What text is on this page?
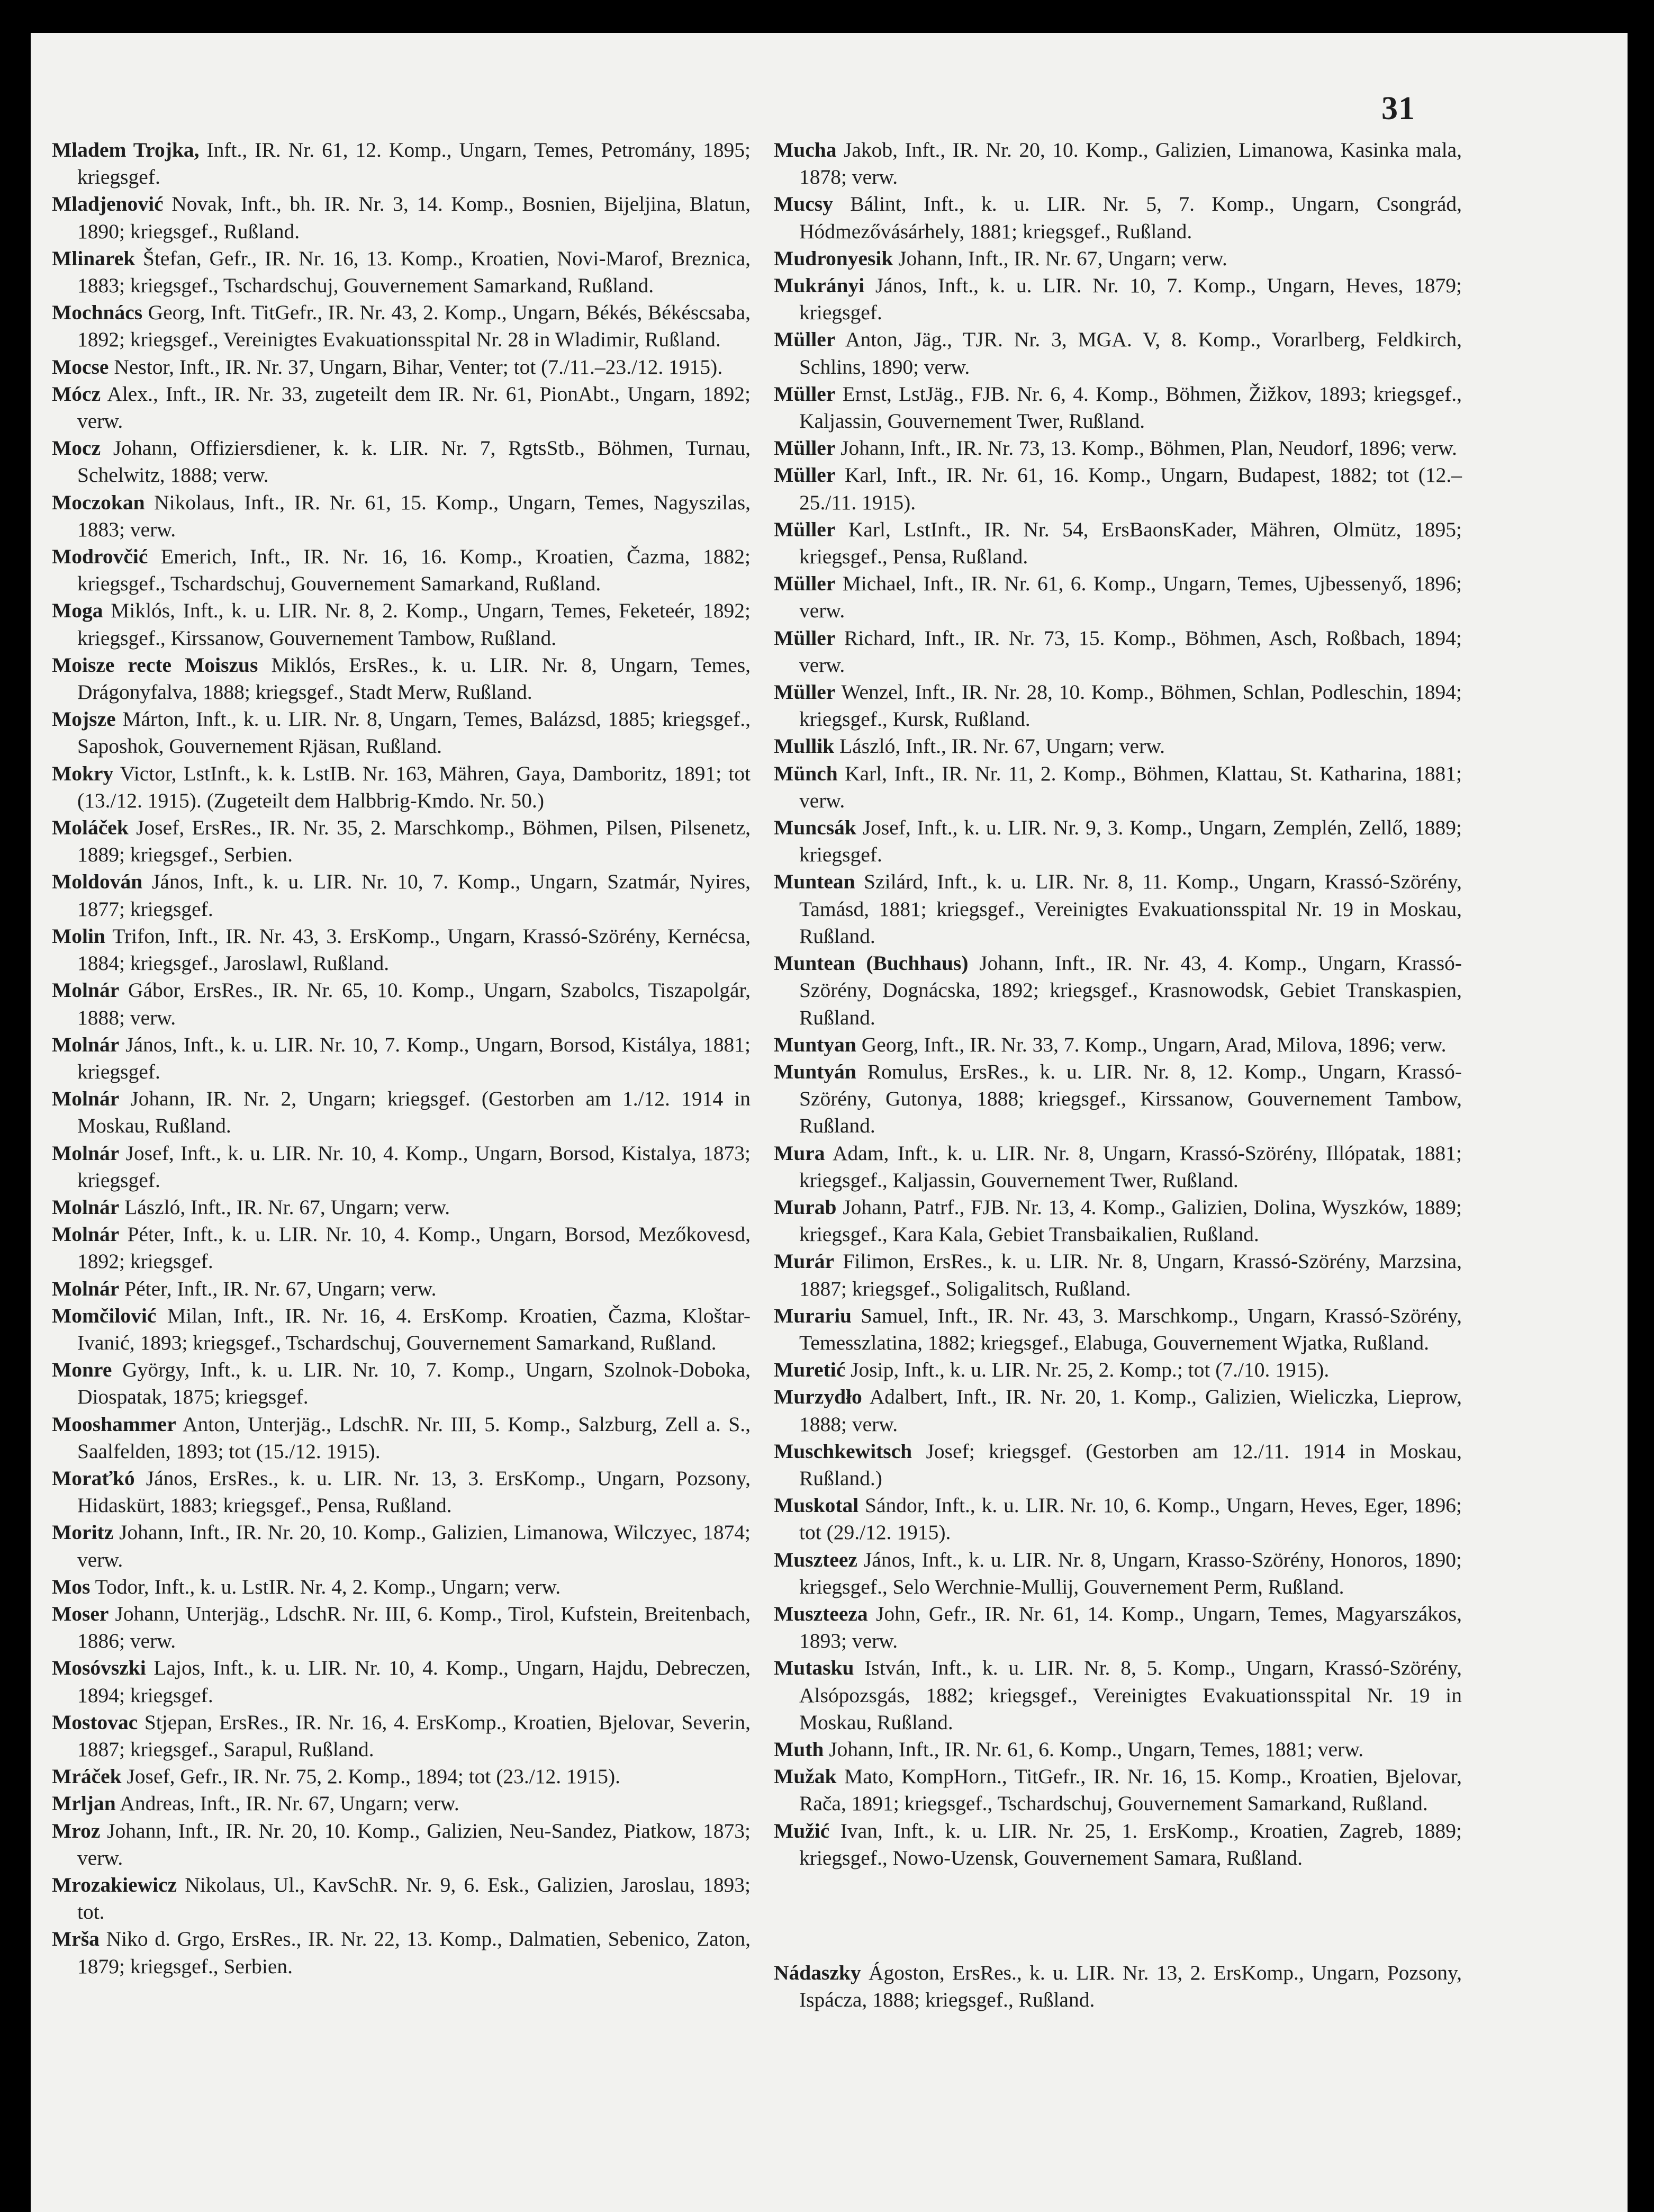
31

Mladem Trojka, Inft., IR. Nr. 61, 12. Komp., Ungarn, Temes, Petromány, 1895; kriegsgef.

Mladjenović Novak, Inft., bh. IR. Nr. 3, 14. Komp., Bosnien, Bijeljina, Blatun, 1890; kriegsgef., Rußland.

Mlinarek Štefan, Gefr., IR. Nr. 16, 13. Komp., Kroatien, Novi-Marof, Breznica, 1883; kriegsgef., Tschardschuj, Gouvernement Samarkand, Rußland.

Mochnács Georg, Inft. TitGefr., IR. Nr. 43, 2. Komp., Ungarn, Békés, Békéscsaba, 1892; kriegsgef., Vereinigtes Evakuationsspital Nr. 28 in Wladimir, Rußland.

Mocse Nestor, Inft., IR. Nr. 37, Ungarn, Bihar, Venter; tot (7./11.–23./12. 1915).

Mócz Alex., Inft., IR. Nr. 33, zugeteilt dem IR. Nr. 61, PionAbt., Ungarn, 1892; verw.

Mocz Johann, Offiziersdiener, k. k. LIR. Nr. 7, RgtsStb., Böhmen, Turnau, Schelwitz, 1888; verw.

Moczokan Nikolaus, Inft., IR. Nr. 61, 15. Komp., Ungarn, Temes, Nagyszilas, 1883; verw.

Modrovčić Emerich, Inft., IR. Nr. 16, 16. Komp., Kroatien, Čazma, 1882; kriegsgef., Tschardschuj, Gouvernement Samarkand, Rußland.

Moga Miklós, Inft., k. u. LIR. Nr. 8, 2. Komp., Ungarn, Temes, Feketeér, 1892; kriegsgef., Kirssanow, Gouvernement Tambow, Rußland.

Moisze recte Moiszus Miklós, ErsRes., k. u. LIR. Nr. 8, Ungarn, Temes, Drágonyfalva, 1888; kriegsgef., Stadt Merw, Rußland.

Mojsze Márton, Inft., k. u. LIR. Nr. 8, Ungarn, Temes, Balázsd, 1885; kriegsgef., Saposhok, Gouvernement Rjäsan, Rußland.

Mokry Victor, LstInft., k. k. LstIB. Nr. 163, Mähren, Gaya, Damboritz, 1891; tot (13./12. 1915). (Zugeteilt dem Halbbrig-Kmdo. Nr. 50.)

Moláček Josef, ErsRes., IR. Nr. 35, 2. Marschkomp., Böhmen, Pilsen, Pilsenetz, 1889; kriegsgef., Serbien.

Moldován János, Inft., k. u. LIR. Nr. 10, 7. Komp., Ungarn, Szatmár, Nyires, 1877; kriegsgef.

Molin Trifon, Inft., IR. Nr. 43, 3. ErsKomp., Ungarn, Krassó-Szörény, Kernécsa, 1884; kriegsgef., Jaroslawl, Rußland.

Molnár Gábor, ErsRes., IR. Nr. 65, 10. Komp., Ungarn, Szabolcs, Tiszapolgár, 1888; verw.

Molnár János, Inft., k. u. LIR. Nr. 10, 7. Komp., Ungarn, Borsod, Kistálya, 1881; kriegsgef.

Molnár Johann, IR. Nr. 2, Ungarn; kriegsgef. (Gestorben am 1./12. 1914 in Moskau, Rußland.

Molnár Josef, Inft., k. u. LIR. Nr. 10, 4. Komp., Ungarn, Borsod, Kistalya, 1873; kriegsgef.

Molnár László, Inft., IR. Nr. 67, Ungarn; verw.

Molnár Péter, Inft., k. u. LIR. Nr. 10, 4. Komp., Ungarn, Borsod, Mezőkovesd, 1892; kriegsgef.

Molnár Péter, Inft., IR. Nr. 67, Ungarn; verw.

Momčilović Milan, Inft., IR. Nr. 16, 4. ErsKomp. Kroatien, Čazma, Kloštar-Ivanić, 1893; kriegsgef., Tschardschuj, Gouvernement Samarkand, Rußland.

Monre György, Inft., k. u. LIR. Nr. 10, 7. Komp., Ungarn, Szolnok-Doboka, Diospatak, 1875; kriegsgef.

Mooshammer Anton, Unterjäg., LdschR. Nr. III, 5. Komp., Salzburg, Zell a. S., Saalfelden, 1893; tot (15./12. 1915).

Moraťkó János, ErsRes., k. u. LIR. Nr. 13, 3. ErsKomp., Ungarn, Pozsony, Hidaskürt, 1883; kriegsgef., Pensa, Rußland.

Moritz Johann, Inft., IR. Nr. 20, 10. Komp., Galizien, Limanowa, Wilczyec, 1874; verw.

Mos Todor, Inft., k. u. LstIR. Nr. 4, 2. Komp., Ungarn; verw.

Moser Johann, Unterjäg., LdschR. Nr. III, 6. Komp., Tirol, Kufstein, Breitenbach, 1886; verw.

Mosóvszki Lajos, Inft., k. u. LIR. Nr. 10, 4. Komp., Ungarn, Hajdu, Debreczen, 1894; kriegsgef.

Mostovac Stjepan, ErsRes., IR. Nr. 16, 4. ErsKomp., Kroatien, Bjelovar, Severin, 1887; kriegsgef., Sarapul, Rußland.

Mráček Josef, Gefr., IR. Nr. 75, 2. Komp., 1894; tot (23./12. 1915).

Mrljan Andreas, Inft., IR. Nr. 67, Ungarn; verw.

Mroz Johann, Inft., IR. Nr. 20, 10. Komp., Galizien, Neu-Sandez, Piatkow, 1873; verw.

Mrozakiewicz Nikolaus, Ul., KavSchR. Nr. 9, 6. Esk., Galizien, Jaroslau, 1893; tot.

Mrša Niko d. Grgo, ErsRes., IR. Nr. 22, 13. Komp., Dalmatien, Sebenico, Zaton, 1879; kriegsgef., Serbien.

Mucha Jakob, Inft., IR. Nr. 20, 10. Komp., Galizien, Limanowa, Kasinka mala, 1878; verw.

Mucsy Bálint, Inft., k. u. LIR. Nr. 5, 7. Komp., Ungarn, Csongrád, Hódmezővásárhely, 1881; kriegsgef., Rußland.

Mudronyesik Johann, Inft., IR. Nr. 67, Ungarn; verw.

Mukrányi János, Inft., k. u. LIR. Nr. 10, 7. Komp., Ungarn, Heves, 1879; kriegsgef.

Müller Anton, Jäg., TJR. Nr. 3, MGA. V, 8. Komp., Vorarlberg, Feldkirch, Schlins, 1890; verw.

Müller Ernst, LstJäg., FJB. Nr. 6, 4. Komp., Böhmen, Žižkov, 1893; kriegsgef., Kaljassin, Gouvernement Twer, Rußland.

Müller Johann, Inft., IR. Nr. 73, 13. Komp., Böhmen, Plan, Neudorf, 1896; verw.

Müller Karl, Inft., IR. Nr. 61, 16. Komp., Ungarn, Budapest, 1882; tot (12.–25./11. 1915).

Müller Karl, LstInft., IR. Nr. 54, ErsBaonsKader, Mähren, Olmütz, 1895; kriegsgef., Pensa, Rußland.

Müller Michael, Inft., IR. Nr. 61, 6. Komp., Ungarn, Temes, Ujbessenyő, 1896; verw.

Müller Richard, Inft., IR. Nr. 73, 15. Komp., Böhmen, Asch, Roßbach, 1894; verw.

Müller Wenzel, Inft., IR. Nr. 28, 10. Komp., Böhmen, Schlan, Podleschin, 1894; kriegsgef., Kursk, Rußland.

Mullik László, Inft., IR. Nr. 67, Ungarn; verw.

Münch Karl, Inft., IR. Nr. 11, 2. Komp., Böhmen, Klattau, St. Katharina, 1881; verw.

Muncsák Josef, Inft., k. u. LIR. Nr. 9, 3. Komp., Ungarn, Zemplén, Zellő, 1889; kriegsgef.

Muntean Szilárd, Inft., k. u. LIR. Nr. 8, 11. Komp., Ungarn, Krassó-Szörény, Tamásd, 1881; kriegsgef., Vereinigtes Evakuationsspital Nr. 19 in Moskau, Rußland.

Muntean (Buchhaus) Johann, Inft., IR. Nr. 43, 4. Komp., Ungarn, Krassó-Szörény, Dognácska, 1892; kriegsgef., Krasnowodsk, Gebiet Transkaspien, Rußland.

Muntyan Georg, Inft., IR. Nr. 33, 7. Komp., Ungarn, Arad, Milova, 1896; verw.

Muntyán Romulus, ErsRes., k. u. LIR. Nr. 8, 12. Komp., Ungarn, Krassó-Szörény, Gutonya, 1888; kriegsgef., Kirssanow, Gouvernement Tambow, Rußland.

Mura Adam, Inft., k. u. LIR. Nr. 8, Ungarn, Krassó-Szörény, Illópatak, 1881; kriegsgef., Kaljassin, Gouvernement Twer, Rußland.

Murab Johann, Patrf., FJB. Nr. 13, 4. Komp., Galizien, Dolina, Wyszków, 1889; kriegsgef., Kara Kala, Gebiet Transbaikalien, Rußland.

Murár Filimon, ErsRes., k. u. LIR. Nr. 8, Ungarn, Krassó-Szörény, Marzsina, 1887; kriegsgef., Soligalitsch, Rußland.

Murariu Samuel, Inft., IR. Nr. 43, 3. Marschkomp., Ungarn, Krassó-Szörény, Temesszlatina, 1882; kriegsgef., Elabuga, Gouvernement Wjatka, Rußland.

Muretić Josip, Inft., k. u. LIR. Nr. 25, 2. Komp.; tot (7./10. 1915).

Murzydło Adalbert, Inft., IR. Nr. 20, 1. Komp., Galizien, Wieliczka, Lieprow, 1888; verw.

Muschkewitsch Josef; kriegsgef. (Gestorben am 12./11. 1914 in Moskau, Rußland.)

Muskotal Sándor, Inft., k. u. LIR. Nr. 10, 6. Komp., Ungarn, Heves, Eger, 1896; tot (29./12. 1915).

Muszteez János, Inft., k. u. LIR. Nr. 8, Ungarn, Krasso-Szörény, Honoros, 1890; kriegsgef., Selo Werchnie-Mullij, Gouvernement Perm, Rußland.

Muszteeza John, Gefr., IR. Nr. 61, 14. Komp., Ungarn, Temes, Magyarszákos, 1893; verw.

Mutasku István, Inft., k. u. LIR. Nr. 8, 5. Komp., Ungarn, Krassó-Szörény, Alsópozsgás, 1882; kriegsgef., Vereinigtes Evakuationsspital Nr. 19 in Moskau, Rußland.

Muth Johann, Inft., IR. Nr. 61, 6. Komp., Ungarn, Temes, 1881; verw.

Mužak Mato, KompHorn., TitGefr., IR. Nr. 16, 15. Komp., Kroatien, Bjelovar, Rača, 1891; kriegsgef., Tschardschuj, Gouvernement Samarkand, Rußland.

Mužić Ivan, Inft., k. u. LIR. Nr. 25, 1. ErsKomp., Kroatien, Zagreb, 1889; kriegsgef., Nowo-Uzensk, Gouvernement Samara, Rußland.

Nádaszky Ágoston, ErsRes., k. u. LIR. Nr. 13, 2. ErsKomp., Ungarn, Pozsony, Ispácza, 1888; kriegsgef., Rußland.
